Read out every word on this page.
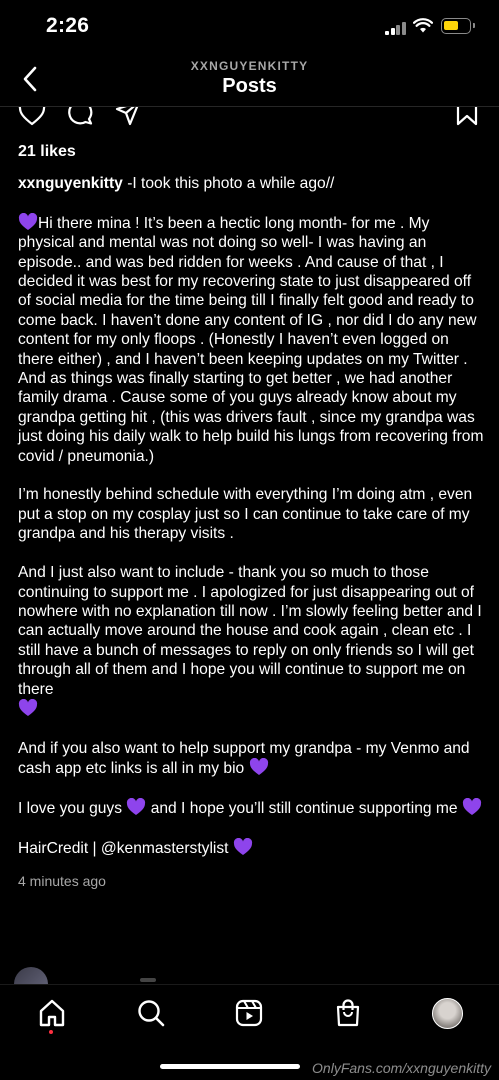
2:26
XXNGUYENKITTY
Posts
21 likes
xxnguyenkitty -I took this photo a while ago//
Hi there mina ! It’s been a hectic long month- for me . My physical and mental was not doing so well- I was having an episode.. and was bed ridden for weeks . And cause of that , I decided it was best for my recovering state to just disappeared off of social media for the time being till I finally felt good and ready to come back. I haven’t done any content of IG , nor did I do any new content for my only floops . (Honestly I haven’t even logged on there either) , and I haven’t been keeping updates on my Twitter . And as things was finally starting to get better , we had another family drama . Cause some of you guys already know about my grandpa getting hit , (this was drivers fault , since my grandpa was just doing his daily walk to help build his lungs from recovering from covid / pneumonia.)
I’m honestly behind schedule with everything I’m doing atm , even put a stop on my cosplay just so I can continue to take care of my grandpa and his therapy visits .
And I just also want to include - thank you so much to those continuing to support me . I apologized for just disappearing out of nowhere with no explanation till now . I’m slowly feeling better and I can actually move around the house and cook again , clean etc . I still have a bunch of messages to reply on only friends so I will get through all of them and I hope you will continue to support me on there

And if you also want to help support my grandpa - my Venmo and cash app etc links is all in my bio
I love you guys  and I hope you’ll still continue supporting me
HairCredit | @kenmasterstylist
4 minutes ago
OnlyFans.com/xxnguyenkitty
